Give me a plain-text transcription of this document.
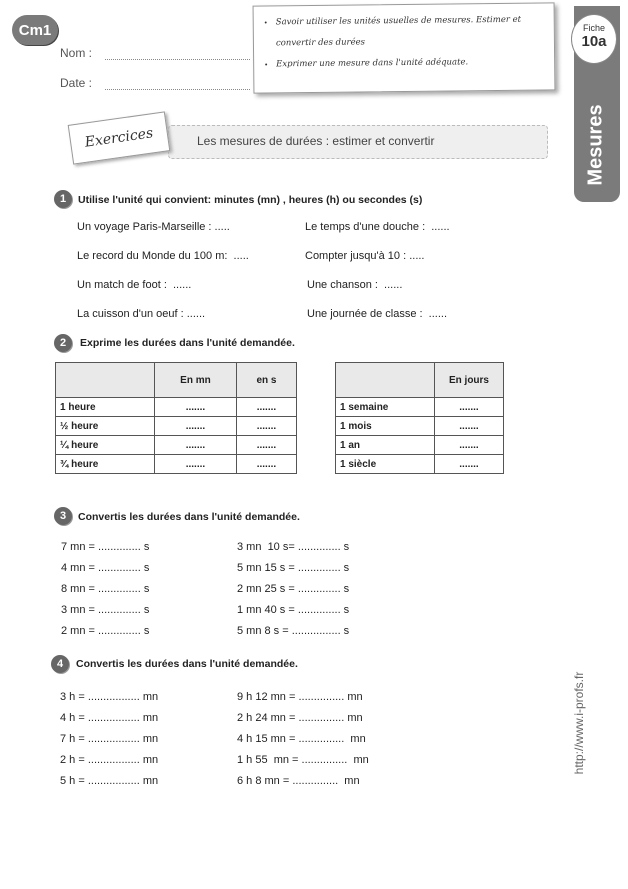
Cm1
Nom :
Date :
• Savoir utiliser les unités usuelles de mesures. Estimer et convertir des durées
• Exprimer une mesure dans l'unité adéquate.
Fiche
10a
Mesures
Les mesures de durées : estimer et convertir
Exercices
1	Utilise l'unité qui convient: minutes (mn) , heures (h) ou secondes (s)
Un voyage Paris-Marseille : .....
Le record du Monde du 100 m:  .....
Un match de foot :  ......
La cuisson d'un oeuf : ......
Le temps d'une douche :  ......
Compter jusqu'à 10 : .....
Une chanson :  ......
Une journée de classe :  ......
2	Exprime les durées dans l'unité demandée.
	En mn	en s
1 heure	.......	.......
½ heure	.......	.......
¼ heure	.......	.......
¾ heure	.......	.......
	En jours
1 semaine	.......
1 mois	.......
1 an	.......
1 siècle	.......
3	Convertis les durées dans l'unité demandée.
7 mn = .............. s
4 mn = .............. s
8 mn = .............. s
3 mn = .............. s
2 mn = .............. s
3 mn  10 s= .............. s
5 mn 15 s = .............. s
2 mn 25 s = .............. s
1 mn 40 s = .............. s
5 mn 8 s = ................ s
4	Convertis les durées dans l'unité demandée.
3 h = ................. mn
4 h = ................. mn
7 h = ................. mn
2 h = ................. mn
5 h = ................. mn
9 h 12 mn = ............... mn
2 h 24 mn = ............... mn
4 h 15 mn = ...............  mn
1 h 55  mn = ...............  mn
6 h 8 mn = ...............  mn
http://www.i-profs.fr
